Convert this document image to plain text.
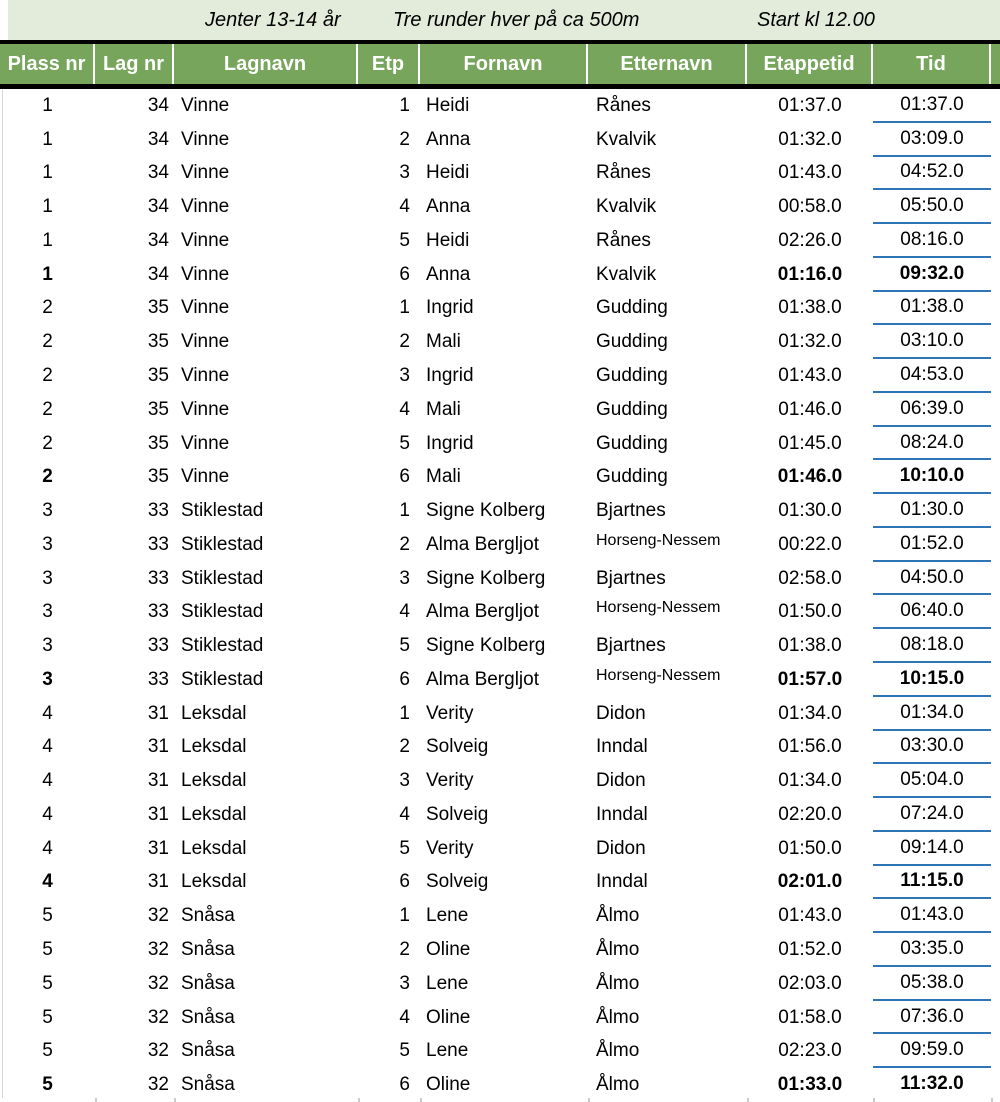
Jenter 13-14 år	Tre runder hver på ca 500m	Start kl 12.00
Plass nr Lag nr	Lagnavn	Etp	Fornavn	Etternavn	Etappetid	Tid
1	34 Vinne	1 Heidi	Rånes	01:37.0	01:37.0
1	34 Vinne	2 Anna	Kvalvik	01:32.0	03:09.0
1	34 Vinne	3 Heidi	Rånes	01:43.0	04:52.0
1	34 Vinne	4 Anna	Kvalvik	00:58.0	05:50.0
1	34 Vinne	5 Heidi	Rånes	02:26.0	08:16.0
1	34 Vinne	6 Anna	Kvalvik	01:16.0	09:32.0
2	35 Vinne	1 Ingrid	Gudding	01:38.0	01:38.0
2	35 Vinne	2 Mali	Gudding	01:32.0	03:10.0
2	35 Vinne	3 Ingrid	Gudding	01:43.0	04:53.0
2	35 Vinne	4 Mali	Gudding	01:46.0	06:39.0
2	35 Vinne	5 Ingrid	Gudding	01:45.0	08:24.0
2	35 Vinne	6 Mali	Gudding	01:46.0	10:10.0
3	33 Stiklestad	1 Signe Kolberg	Bjartnes	01:30.0	01:30.0
3	33 Stiklestad	2 Alma Bergljot	Horseng-Nessem	00:22.0	01:52.0
3	33 Stiklestad	3 Signe Kolberg	Bjartnes	02:58.0	04:50.0
3	33 Stiklestad	4 Alma Bergljot	Horseng-Nessem	01:50.0	06:40.0
3	33 Stiklestad	5 Signe Kolberg	Bjartnes	01:38.0	08:18.0
3	33 Stiklestad	6 Alma Bergljot	Horseng-Nessem	01:57.0	10:15.0
4	31 Leksdal	1 Verity	Didon	01:34.0	01:34.0
4	31 Leksdal	2 Solveig	Inndal	01:56.0	03:30.0
4	31 Leksdal	3 Verity	Didon	01:34.0	05:04.0
4	31 Leksdal	4 Solveig	Inndal	02:20.0	07:24.0
4	31 Leksdal	5 Verity	Didon	01:50.0	09:14.0
4	31 Leksdal	6 Solveig	Inndal	02:01.0	11:15.0
5	32 Snåsa	1 Lene	Ålmo	01:43.0	01:43.0
5	32 Snåsa	2 Oline	Ålmo	01:52.0	03:35.0
5	32 Snåsa	3 Lene	Ålmo	02:03.0	05:38.0
5	32 Snåsa	4 Oline	Ålmo	01:58.0	07:36.0
5	32 Snåsa	5 Lene	Ålmo	02:23.0	09:59.0
5	32 Snåsa	6 Oline	Ålmo	01:33.0	11:32.0
